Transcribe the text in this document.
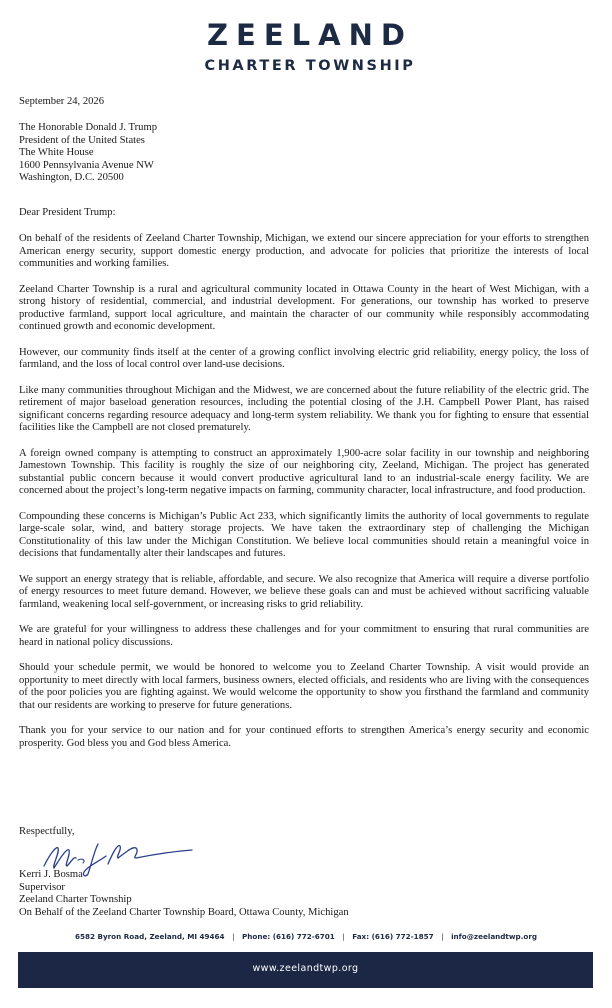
ZEELAND
CHARTER TOWNSHIP
September 24, 2026
The Honorable Donald J. Trump
President of the United States
The White House
1600 Pennsylvania Avenue NW
Washington, D.C. 20500
Dear President Trump:

On behalf of the residents of Zeeland Charter Township, Michigan, we extend our sincere appreciation for your efforts to strengthen American energy security, support domestic energy production, and advocate for policies that prioritize the interests of local communities and working families.

Zeeland Charter Township is a rural and agricultural community located in Ottawa County in the heart of West Michigan, with a strong history of residential, commercial, and industrial development. For generations, our township has worked to preserve productive farmland, support local agriculture, and maintain the character of our community while responsibly accommodating continued growth and economic development.

However, our community finds itself at the center of a growing conflict involving electric grid reliability, energy policy, the loss of farmland, and the loss of local control over land-use decisions.

Like many communities throughout Michigan and the Midwest, we are concerned about the future reliability of the electric grid. The retirement of major baseload generation resources, including the potential closing of the J.H. Campbell Power Plant, has raised significant concerns regarding resource adequacy and long-term system reliability. We thank you for fighting to ensure that essential facilities like the Campbell are not closed prematurely.

A foreign owned company is attempting to construct an approximately 1,900-acre solar facility in our township and neighboring Jamestown Township. This facility is roughly the size of our neighboring city, Zeeland, Michigan. The project has generated substantial public concern because it would convert productive agricultural land to an industrial-scale energy facility. We are concerned about the project’s long-term negative impacts on farming, community character, local infrastructure, and food production.

Compounding these concerns is Michigan’s Public Act 233, which significantly limits the authority of local governments to regulate large-scale solar, wind, and battery storage projects. We have taken the extraordinary step of challenging the Michigan Constitutionality of this law under the Michigan Constitution. We believe local communities should retain a meaningful voice in decisions that fundamentally alter their landscapes and futures.

We support an energy strategy that is reliable, affordable, and secure. We also recognize that America will require a diverse portfolio of energy resources to meet future demand. However, we believe these goals can and must be achieved without sacrificing valuable farmland, weakening local self-government, or increasing risks to grid reliability.

We are grateful for your willingness to address these challenges and for your commitment to ensuring that rural communities are heard in national policy discussions.

Should your schedule permit, we would be honored to welcome you to Zeeland Charter Township. A visit would provide an opportunity to meet directly with local farmers, business owners, elected officials, and residents who are living with the consequences of the poor policies you are fighting against. We would welcome the opportunity to show you firsthand the farmland and community that our residents are working to preserve for future generations.

Thank you for your service to our nation and for your continued efforts to strengthen America’s energy security and economic prosperity. God bless you and God bless America.

Respectfully,
Kerri J. Bosma
Supervisor
Zeeland Charter Township
On Behalf of the Zeeland Charter Township Board, Ottawa County, Michigan
6582 Byron Road, Zeeland, MI 49464 | Phone: (616) 772-6701 | Fax: (616) 772-1857 | info@zeelandtwp.org
www.zeelandtwp.org
